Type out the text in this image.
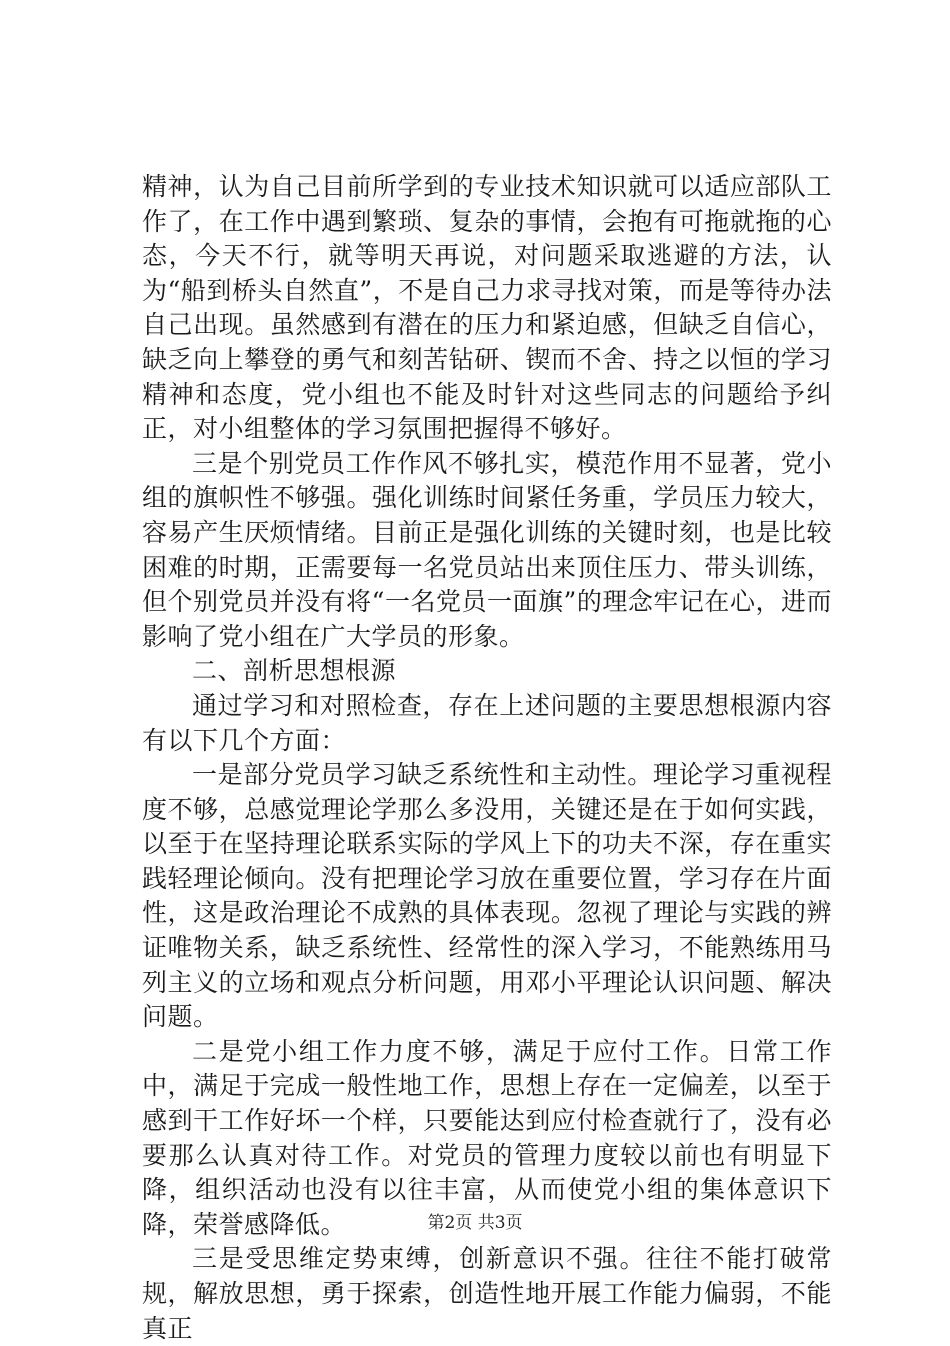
精神，认为自己目前所学到的专业技术知识就可以适应部队工作了，在工作中遇到繁琐、复杂的事情，会抱有可拖就拖的心态，今天不行，就等明天再说，对问题采取逃避的方法，认为“船到桥头自然直”，不是自己力求寻找对策，而是等待办法自己出现。虽然感到有潜在的压力和紧迫感，但缺乏自信心，缺乏向上攀登的勇气和刻苦钻研、锲而不舍、持之以恒的学习精神和态度，党小组也不能及时针对这些同志的问题给予纠正，对小组整体的学习氛围把握得不够好。

三是个别党员工作作风不够扎实，模范作用不显著，党小组的旗帜性不够强。强化训练时间紧任务重，学员压力较大，容易产生厌烦情绪。目前正是强化训练的关键时刻，也是比较困难的时期，正需要每一名党员站出来顶住压力、带头训练，但个别党员并没有将“一名党员一面旗”的理念牢记在心，进而影响了党小组在广大学员的形象。

二、剖析思想根源

通过学习和对照检查，存在上述问题的主要思想根源内容有以下几个方面：

一是部分党员学习缺乏系统性和主动性。理论学习重视程度不够，总感觉理论学那么多没用，关键还是在于如何实践，以至于在坚持理论联系实际的学风上下的功夫不深，存在重实践轻理论倾向。没有把理论学习放在重要位置，学习存在片面性，这是政治理论不成熟的具体表现。忽视了理论与实践的辨证唯物关系，缺乏系统性、经常性的深入学习，不能熟练用马列主义的立场和观点分析问题，用邓小平理论认识问题、解决问题。

二是党小组工作力度不够，满足于应付工作。日常工作中，满足于完成一般性地工作，思想上存在一定偏差，以至于感到干工作好坏一个样，只要能达到应付检查就行了，没有必要那么认真对待工作。对党员的管理力度较以前也有明显下降，组织活动也没有以往丰富，从而使党小组的集体意识下降，荣誉感降低。

三是受思维定势束缚，创新意识不强。往往不能打破常规，解放思想，勇于探索，创造性地开展工作能力偏弱，不能真正

第2页 共3页
